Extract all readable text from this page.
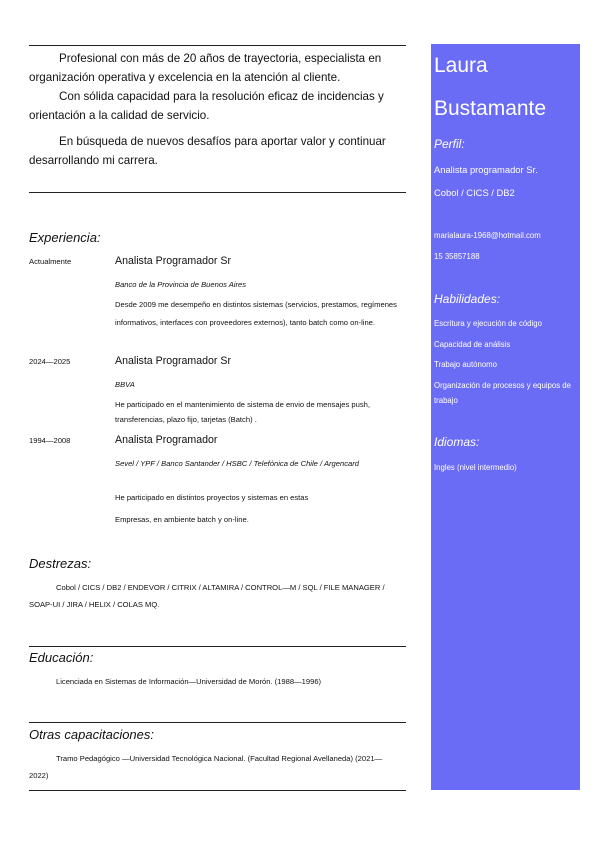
Profesional con más de 20 años de trayectoria, especialista en organización operativa y excelencia en la atención al cliente.

Con sólida capacidad para la resolución eficaz de incidencias y orientación a la calidad de servicio.

En búsqueda de nuevos desafíos para aportar valor y continuar desarrollando mi carrera.

Experiencia:
Actualmente	Analista Programador Sr
Banco de la Provincia de Buenos Aires
Desde 2009 me desempeño en distintos sistemas (servicios, prestamos, regímenes informativos, interfaces con proveedores externos), tanto batch como on-line.
2024—2025	Analista Programador Sr
BBVA
He participado en el mantenimiento de sistema de envio de mensajes push, transferencias, plazo fijo, tarjetas (Batch) .
1994—2008	Analista Programador
Sevel / YPF / Banco Santander / HSBC / Telefónica de Chile / Argencard
He participado en distintos proyectos y sistemas en estas
Empresas, en ambiente batch y on-line.
Destrezas:
Cobol / CICS / DB2 / ENDEVOR / CITRIX / ALTAMIRA / CONTROL—M / SQL / FILE MANAGER / SOAP-UI / JIRA / HELIX / COLAS MQ.
Educación:
Licenciada en Sistemas de Información—Universidad de Morón. (1988—1996)
Otras capacitaciones:
Tramo Pedagógico —Universidad Tecnológica Nacional. (Facultad Regional Avellaneda) (2021—2022)
Laura
Bustamante
Perfil:
Analista programador Sr.
Cobol / CICS / DB2
marialaura-1968@hotmail.com
15 35857188
Habilidades:
Escritura y ejecución de código
Capacidad de análisis
Trabajo autónomo
Organización de procesos y equipos de trabajo
Idiomas:
Ingles (nivel intermedio)
